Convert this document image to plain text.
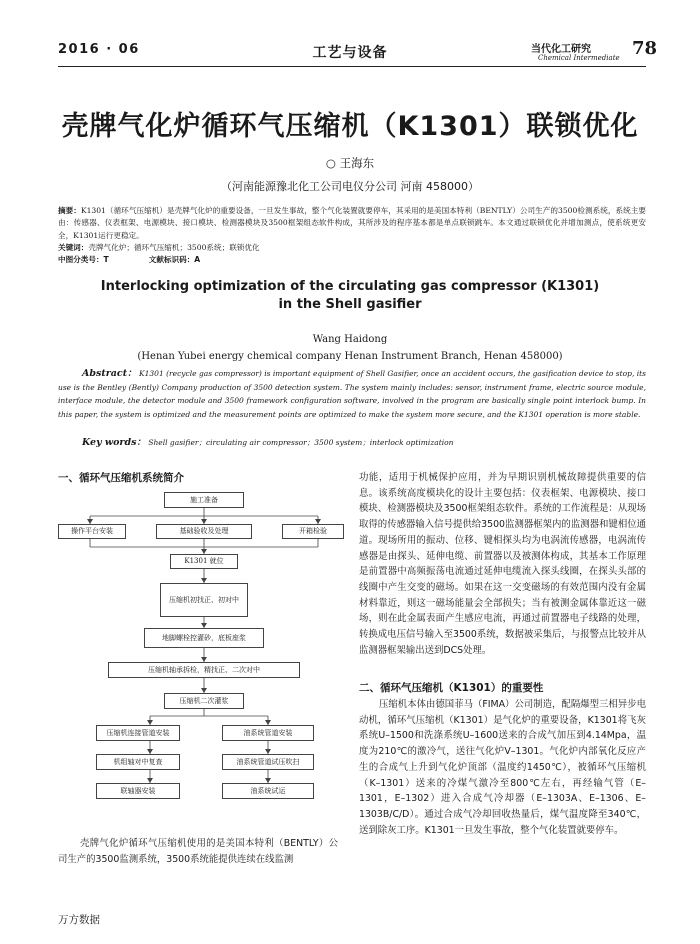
2016 · 06	工艺与设备	当代化工研究
Chemical Intermediate 78
壳牌气化炉循环气压缩机（K1301）联锁优化
○ 王海东
（河南能源豫北化工公司电仪分公司 河南 458000）
摘要：K1301（循环气压缩机）是壳牌气化炉的重要设备，一旦发生事故，整个气化装置就要停车，其采用的是美国本特利（BENTLY）公司生产的3500检测系统，系统主要由：传感器、仪表框架、电源模块、接口模块、检测器模块及3500框架组态软件构成，其所涉及的程序基本都是单点联锁跳车。本文通过联锁优化并增加测点，使系统更安全，K1301运行更稳定。
关键词：壳牌气化炉；循环气压缩机；3500系统；联锁优化
中图分类号：T	文献标识码：A
Interlocking optimization of the circulating gas compressor (K1301)
in the Shell gasifier
Wang Haidong
(Henan Yubei energy chemical company Henan Instrument Branch, Henan 458000)
Abstract： K1301 (recycle gas compressor) is important equipment of Shell Gasifier, once an accident occurs, the gasification device to stop, its use is the Bentley (Bently) Company production of 3500 detection system. The system mainly includes: sensor, instrument frame, electric source module, interface module, the detector module and 3500 framework configuration software, involved in the program are basically single point interlock bump. In this paper, the system is optimized and the measurement points are optimized to make the system more secure, and the K1301 operation is more stable.
Key words： Shell gasifier；circulating air compressor；3500 system；interlock optimization
一、循环气压缩机系统简介
施工准备
操作平台安装	基础验收及处理	开箱检验
K1301 就位
压缩机初找正、初对中
地脚螺栓控灌砂，底板座浆
压缩机轴承拆检，精找正、二次对中
压缩机二次灌浆
压缩机连接管道安装	油系统管道安装
机组轴对中复查	油系统管道试压吹扫
联轴器安装	油系统试运
壳牌气化炉循环气压缩机使用的是美国本特利（BENTLY）公司生产的3500监测系统，3500系统能提供连续在线监测
功能，适用于机械保护应用，并为早期识别机械故障提供重要的信息。该系统高度模块化的设计主要包括：仪表框架、电源模块、接口模块、检测器模块及3500框架组态软件。系统的工作流程是：从现场取得的传感器输入信号提供给3500监测器框架内的监测器和键相位通道。现场所用的振动、位移、键相探头均为电涡流传感器，电涡流传感器是由探头、延伸电缆、前置器以及被测体构成，其基本工作原理是前置器中高频振荡电流通过延伸电缆流入探头线圈，在探头头部的线圈中产生交变的磁场。如果在这一交变磁场的有效范围内没有金属材料靠近，则这一磁场能量会全部损失；当有被测金属体靠近这一磁场，则在此金属表面产生感应电流，再通过前置器电子线路的处理，转换成电压信号输入至3500系统，数据被采集后，与报警点比较并从监测器框架输出送到DCS处理。
二、循环气压缩机（K1301）的重要性
压缩机本体由德国菲马（FIMA）公司制造，配隔爆型三相异步电动机，循环气压缩机（K1301）是气化炉的重要设备，K1301将飞灰系统U–1500和洗涤系统U–1600送来的合成气加压到4.14Mpa，温度为210℃的激冷气，送往气化炉V–1301。气化炉内部氧化反应产生的合成气上升到气化炉顶部（温度约1450℃），被循环气压缩机（K–1301）送来的冷煤气激冷至800℃左右，再经输气管（E–1301，E–1302）进入合成气冷却器（E–1303A、E–1306、E–1303B/C/D）。通过合成气冷却回收热量后，煤气温度降至340℃，送到除灰工序。K1301一旦发生事故，整个气化装置就要停车。
万方数据
